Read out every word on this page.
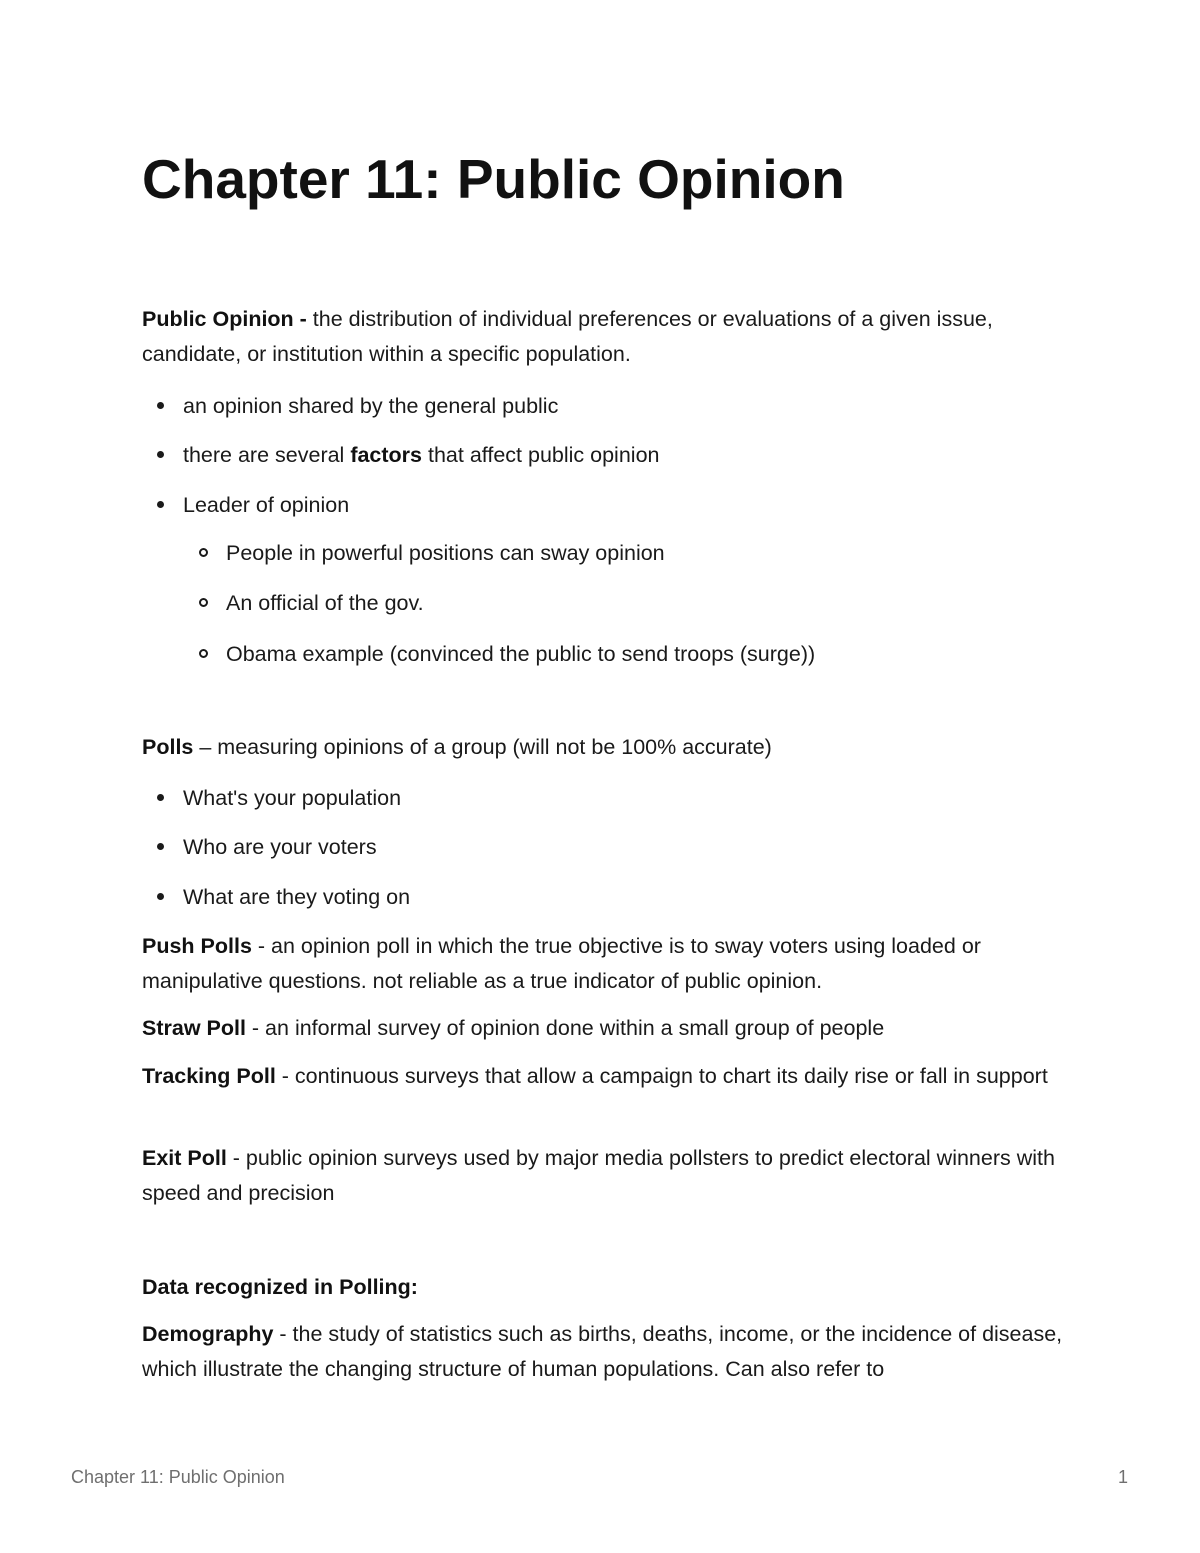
Chapter 11: Public Opinion

Public Opinion - the distribution of individual preferences or evaluations of a given issue, candidate, or institution within a specific population.

an opinion shared by the general public

there are several factors that affect public opinion

Leader of opinion

People in powerful positions can sway opinion

An official of the gov.

Obama example (convinced the public to send troops (surge))

Polls – measuring opinions of a group (will not be 100% accurate)

What's your population

Who are your voters

What are they voting on

Push Polls - an opinion poll in which the true objective is to sway voters using loaded or manipulative questions. not reliable as a true indicator of public opinion.

Straw Poll - an informal survey of opinion done within a small group of people

Tracking Poll - continuous surveys that allow a campaign to chart its daily rise or fall in support

Exit Poll - public opinion surveys used by major media pollsters to predict electoral winners with speed and precision

Data recognized in Polling:

Demography - the study of statistics such as births, deaths, income, or the incidence of disease, which illustrate the changing structure of human populations. Can also refer to

Chapter 11: Public Opinion	1
